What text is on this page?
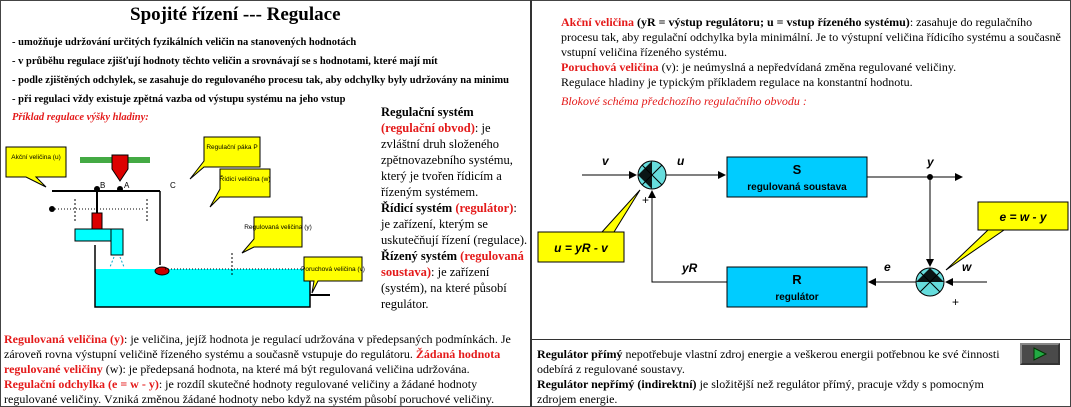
Spojité řízení --- Regulace
- umožňuje udržování určitých fyzikálních veličin na stanovených hodnotách
- v průběhu regulace zjišťují hodnoty těchto veličin a srovnávají se s hodnotami, které mají mít
- podle zjištěných odchylek, se zasahuje do regulovaného procesu tak, aby odchylky byly udržovány na minimu
- při regulaci vždy existuje zpětná vazba od výstupu systému na jeho vstup
Příklad regulace výšky hladiny:
B A	C
Akční veličina (u)
Regulační páka P
Řídicí veličina (w)
Regulovaná veličina (y)
Poruchová veličina (v)
Regulační systém (regulační obvod): je zvláštní druh složeného zpětnovazebního systému, který je tvořen řídicím a řízeným systémem.
Řídicí systém (regulátor): je zařízení, kterým se uskutečňují řízení (regulace).
Řízený systém (regulovaná soustava): je zařízení (systém), na které působí regulátor.
Regulovaná veličina (y): je veličina, jejíž hodnota je regulací udržována v předepsaných podmínkách. Je zároveň rovna výstupní veličině řízeného systému a současně vstupuje do regulátoru. Žádaná hodnota regulované veličiny (w): je předepsaná hodnota, na které má být regulovaná veličina udržována.
Regulační odchylka (e = w - y): je rozdíl skutečné hodnoty regulované veličiny a žádané hodnoty regulované veličiny. Vzniká změnou žádané hodnoty nebo když na systém působí poruchové veličiny.
Akční veličina (yR = výstup regulátoru; u = vstup řízeného systému): zasahuje do regulačního procesu tak, aby regulační odchylka byla minimální. Je to výstupní veličina řídicího systému a současně vstupní veličina řízeného systému.
Poruchová veličina (v): je neúmyslná a nepředvídaná změna regulované veličiny.
Regulace hladiny je typickým příkladem regulace na konstantní hodnotu.
Blokové schéma předchozího regulačního obvodu :
v
+
u
S
regulovaná soustava
y
+
w
e
R
regulátor
yR
u = yR - v
e = w - y
Regulátor přímý nepotřebuje vlastní zdroj energie a veškerou energii potřebnou ke své činnosti odebírá z regulované soustavy.
Regulátor nepřímý (indirektní) je složitější než regulátor přímý, pracuje vždy s pomocným zdrojem energie.
